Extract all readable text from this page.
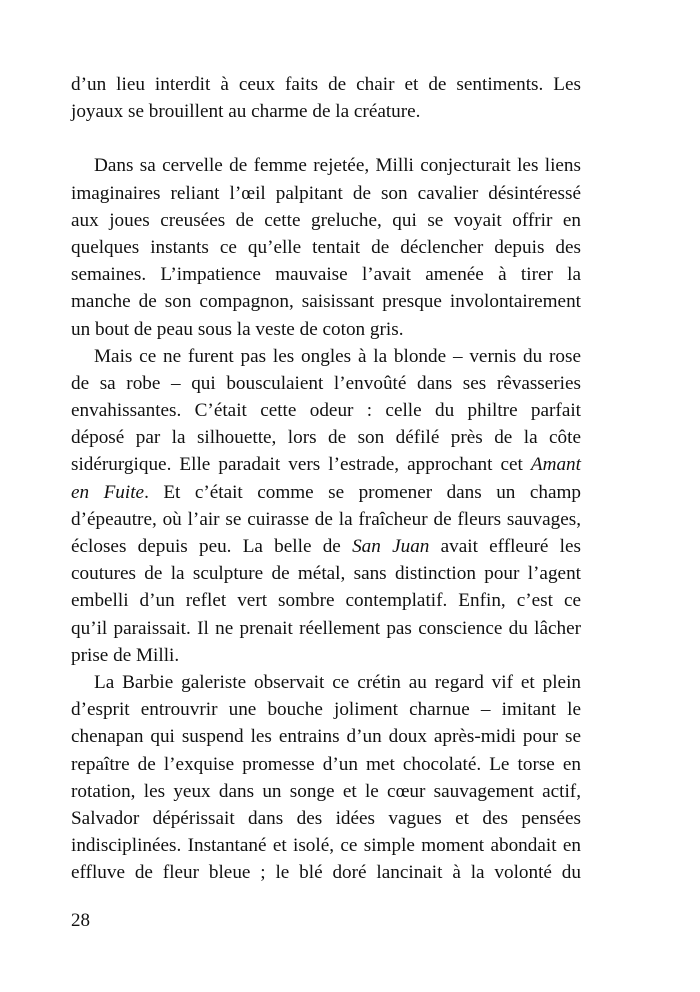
d’un lieu interdit à ceux faits de chair et de sentiments. Les
joyaux se brouillent au charme de la créature.
Dans sa cervelle de femme rejetée, Milli conjecturait les liens
imaginaires reliant l’œil palpitant de son cavalier désintéressé
aux joues creusées de cette greluche, qui se voyait offrir en
quelques instants ce qu’elle tentait de déclencher depuis des
semaines. L’impatience mauvaise l’avait amenée à tirer la
manche de son compagnon, saisissant presque involontairement
un bout de peau sous la veste de coton gris.
Mais ce ne furent pas les ongles à la blonde – vernis du rose
de sa robe – qui bousculaient l’envoûté dans ses rêvasseries
envahissantes. C’était cette odeur : celle du philtre parfait
déposé par la silhouette, lors de son défilé près de la côte
sidérurgique. Elle paradait vers l’estrade, approchant cet Amant
en Fuite. Et c’était comme se promener dans un champ
d’épeautre, où l’air se cuirasse de la fraîcheur de fleurs sauvages,
écloses depuis peu. La belle de San Juan avait effleuré les
coutures de la sculpture de métal, sans distinction pour l’agent
embelli d’un reflet vert sombre contemplatif. Enfin, c’est ce
qu’il paraissait. Il ne prenait réellement pas conscience du lâcher
prise de Milli.
La Barbie galeriste observait ce crétin au regard vif et plein
d’esprit entrouvrir une bouche joliment charnue – imitant le
chenapan qui suspend les entrains d’un doux après-midi pour se
repaître de l’exquise promesse d’un met chocolaté. Le torse en
rotation, les yeux dans un songe et le cœur sauvagement actif,
Salvador dépérissait dans des idées vagues et des pensées
indisciplinées. Instantané et isolé, ce simple moment abondait en
effluve de fleur bleue ; le blé doré lancinait à la volonté du
28
